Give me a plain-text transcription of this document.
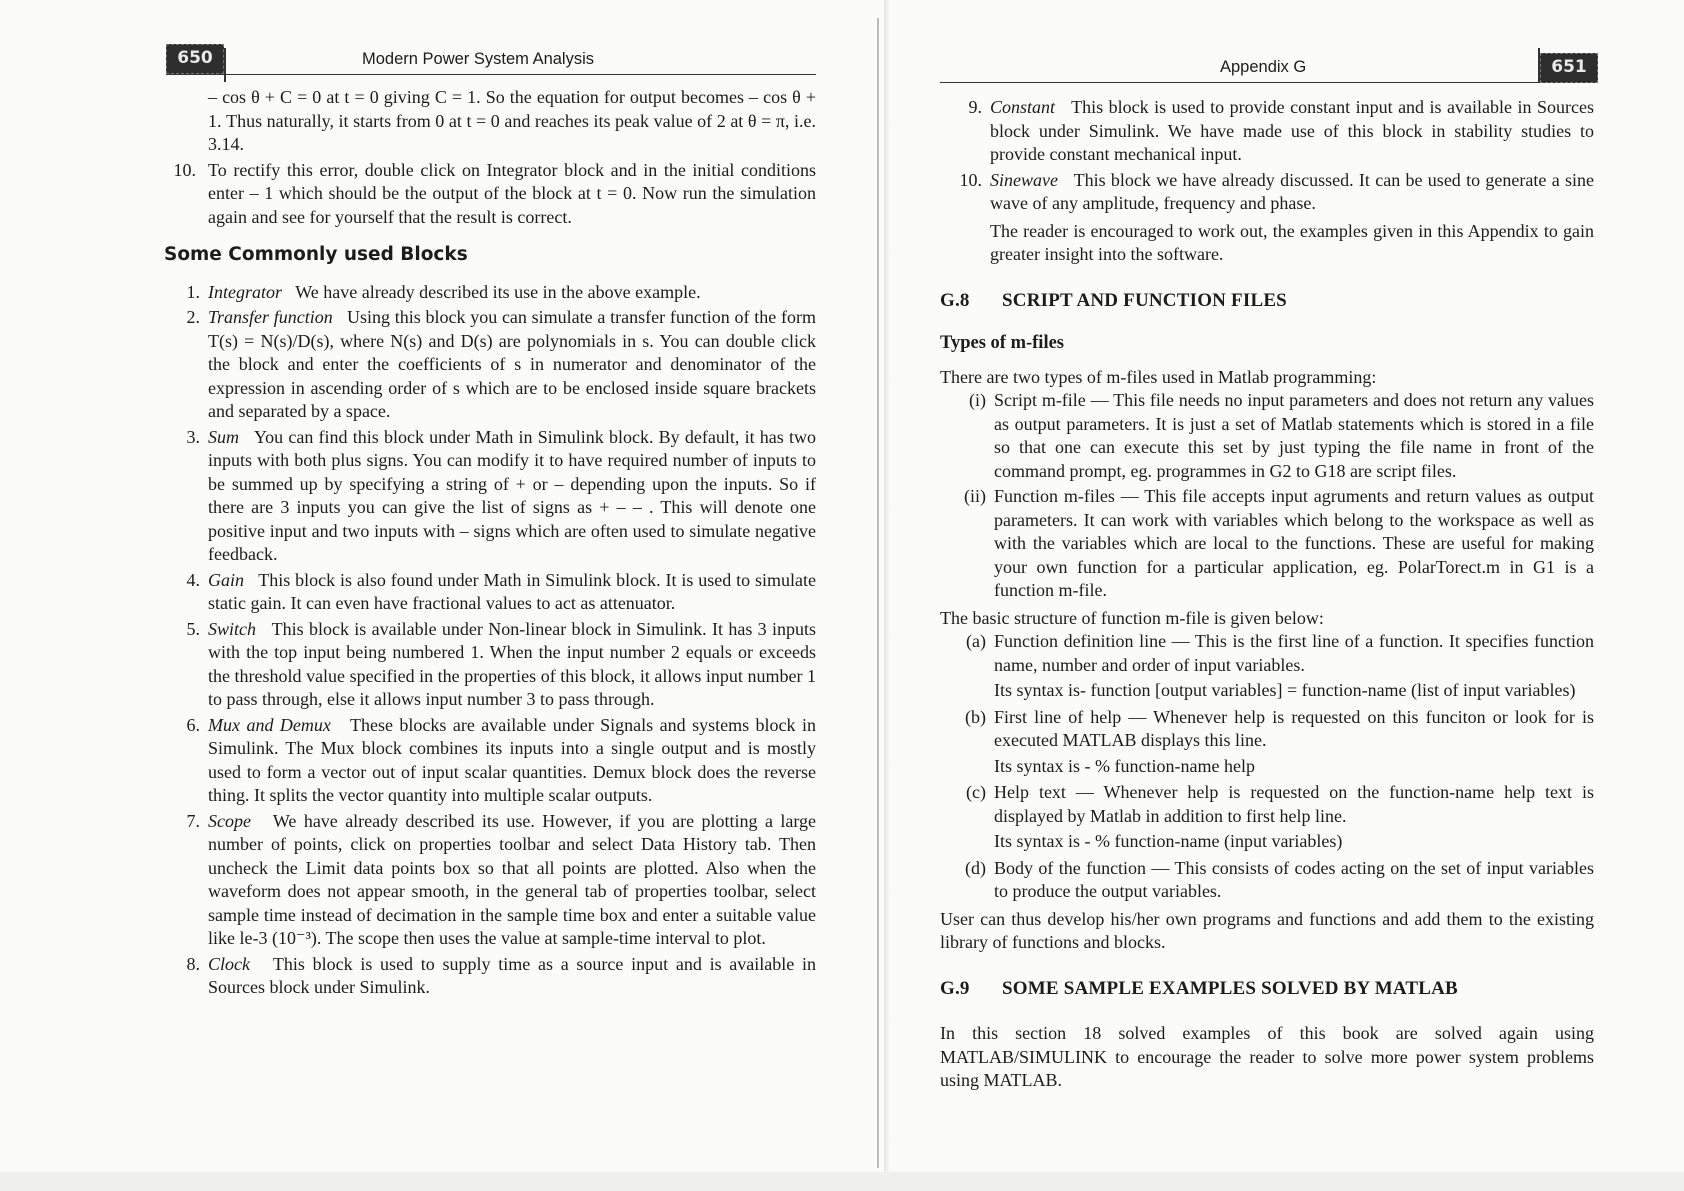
650	Modern Power System Analysis	Appendix G	651

– cos θ + C = 0 at t = 0 giving C = 1. So the equation for output becomes – cos θ + 1. Thus naturally, it starts from 0 at t = 0 and reaches its peak value of 2 at θ = π, i.e. 3.14.

10. To rectify this error, double click on Integrator block and in the initial conditions enter – 1 which should be the output of the block at t = 0. Now run the simulation again and see for yourself that the result is correct.
Some Commonly used Blocks
1. Integrator We have already described its use in the above example.
2. Transfer function Using this block you can simulate a transfer function of the form T(s) = N(s)/D(s), where N(s) and D(s) are polynomials in s. You can double click the block and enter the coefficients of s in numerator and denominator of the expression in ascending order of s which are to be enclosed inside square brackets and separated by a space.
3. Sum You can find this block under Math in Simulink block. By default, it has two inputs with both plus signs. You can modify it to have required number of inputs to be summed up by specifying a string of + or – depending upon the inputs. So if there are 3 inputs you can give the list of signs as + – – . This will denote one positive input and two inputs with – signs which are often used to simulate negative feedback.
4. Gain This block is also found under Math in Simulink block. It is used to simulate static gain. It can even have fractional values to act as attenuator.
5. Switch This block is available under Non-linear block in Simulink. It has 3 inputs with the top input being numbered 1. When the input number 2 equals or exceeds the threshold value specified in the properties of this block, it allows input number 1 to pass through, else it allows input number 3 to pass through.
6. Mux and Demux These blocks are available under Signals and systems block in Simulink. The Mux block combines its inputs into a single output and is mostly used to form a vector out of input scalar quantities. Demux block does the reverse thing. It splits the vector quantity into multiple scalar outputs.
7. Scope We have already described its use. However, if you are plotting a large number of points, click on properties toolbar and select Data History tab. Then uncheck the Limit data points box so that all points are plotted. Also when the waveform does not appear smooth, in the general tab of properties toolbar, select sample time instead of decimation in the sample time box and enter a suitable value like le-3 (10⁻³). The scope then uses the value at sample-time interval to plot.
8. Clock This block is used to supply time as a source input and is available in Sources block under Simulink.
9. Constant This block is used to provide constant input and is available in Sources block under Simulink. We have made use of this block in stability studies to provide constant mechanical input.
10. Sinewave This block we have already discussed. It can be used to generate a sine wave of any amplitude, frequency and phase.

The reader is encouraged to work out, the examples given in this Appendix to gain greater insight into the software.

G.8 SCRIPT AND FUNCTION FILES
Types of m-files

There are two types of m-files used in Matlab programming:

(i) Script m-file — This file needs no input parameters and does not return any values as output parameters. It is just a set of Matlab statements which is stored in a file so that one can execute this set by just typing the file name in front of the command prompt, eg. programmes in G2 to G18 are script files.
(ii) Function m-files — This file accepts input agruments and return values as output parameters. It can work with variables which belong to the workspace as well as with the variables which are local to the functions. These are useful for making your own function for a particular application, eg. PolarTorect.m in G1 is a function m-file.

The basic structure of function m-file is given below:

(a) Function definition line — This is the first line of a function. It specifies function name, number and order of input variables.

Its syntax is- function [output variables] = function-name (list of input variables)

(b) First line of help — Whenever help is requested on this funciton or look for is executed MATLAB displays this line.

Its syntax is - % function-name help

(c) Help text — Whenever help is requested on the function-name help text is displayed by Matlab in addition to first help line.

Its syntax is - % function-name (input variables)

(d) Body of the function — This consists of codes acting on the set of input variables to produce the output variables.

User can thus develop his/her own programs and functions and add them to the existing library of functions and blocks.

G.9 SOME SAMPLE EXAMPLES SOLVED BY MATLAB

In this section 18 solved examples of this book are solved again using MATLAB/SIMULINK to encourage the reader to solve more power system problems using MATLAB.
